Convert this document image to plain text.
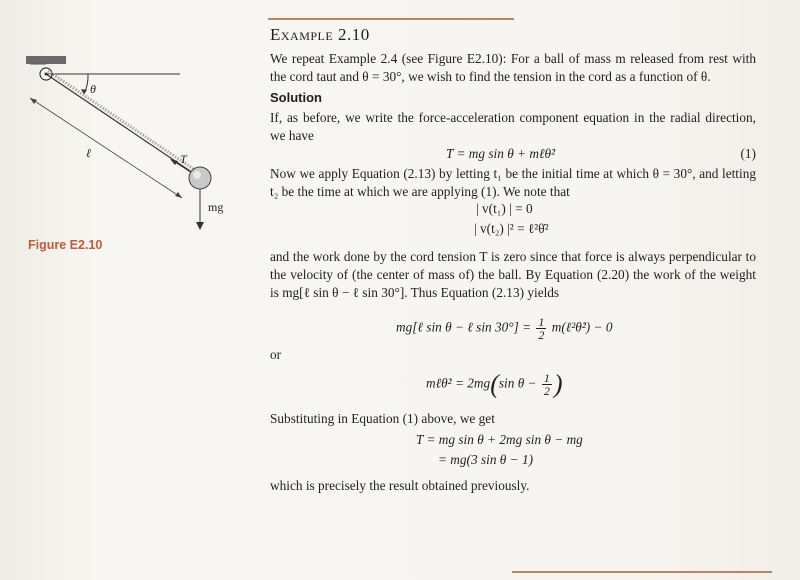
θ
ℓ	T
mg
Figure E2.10
Example 2.10

We repeat Example 2.4 (see Figure E2.10): For a ball of mass m released from rest with the cord taut and θ = 30°, we wish to find the tension in the cord as a function of θ.

Solution

If, as before, we write the force-acceleration component equation in the radial direction, we have

T = mg sin θ + mℓθ̇²	(1)

Now we apply Equation (2.13) by letting t₁ be the initial time at which θ = 30°, and letting t₂ be the time at which we are applying (1). We note that

| v(t₁) | = 0
| v(t₂) |² = ℓ²θ̇²

and the work done by the cord tension T is zero since that force is always perpendicular to the velocity of (the center of mass of) the ball. By Equation (2.20) the work of the weight is mg[ℓ sin θ − ℓ sin 30°]. Thus Equation (2.13) yields

mg[ℓ sin θ − ℓ $\sin 30^\circ] = \frac{1}{2}$ m(ℓ²θ̇²) − 0
or
mℓθ̇² = 2mg(sin $\theta - \frac{1}{2}$ )

Substituting in Equation (1) above, we get

T = mg sin θ + 2mg sin θ − mg
= mg(3 sin θ − 1)

which is precisely the result obtained previously.
